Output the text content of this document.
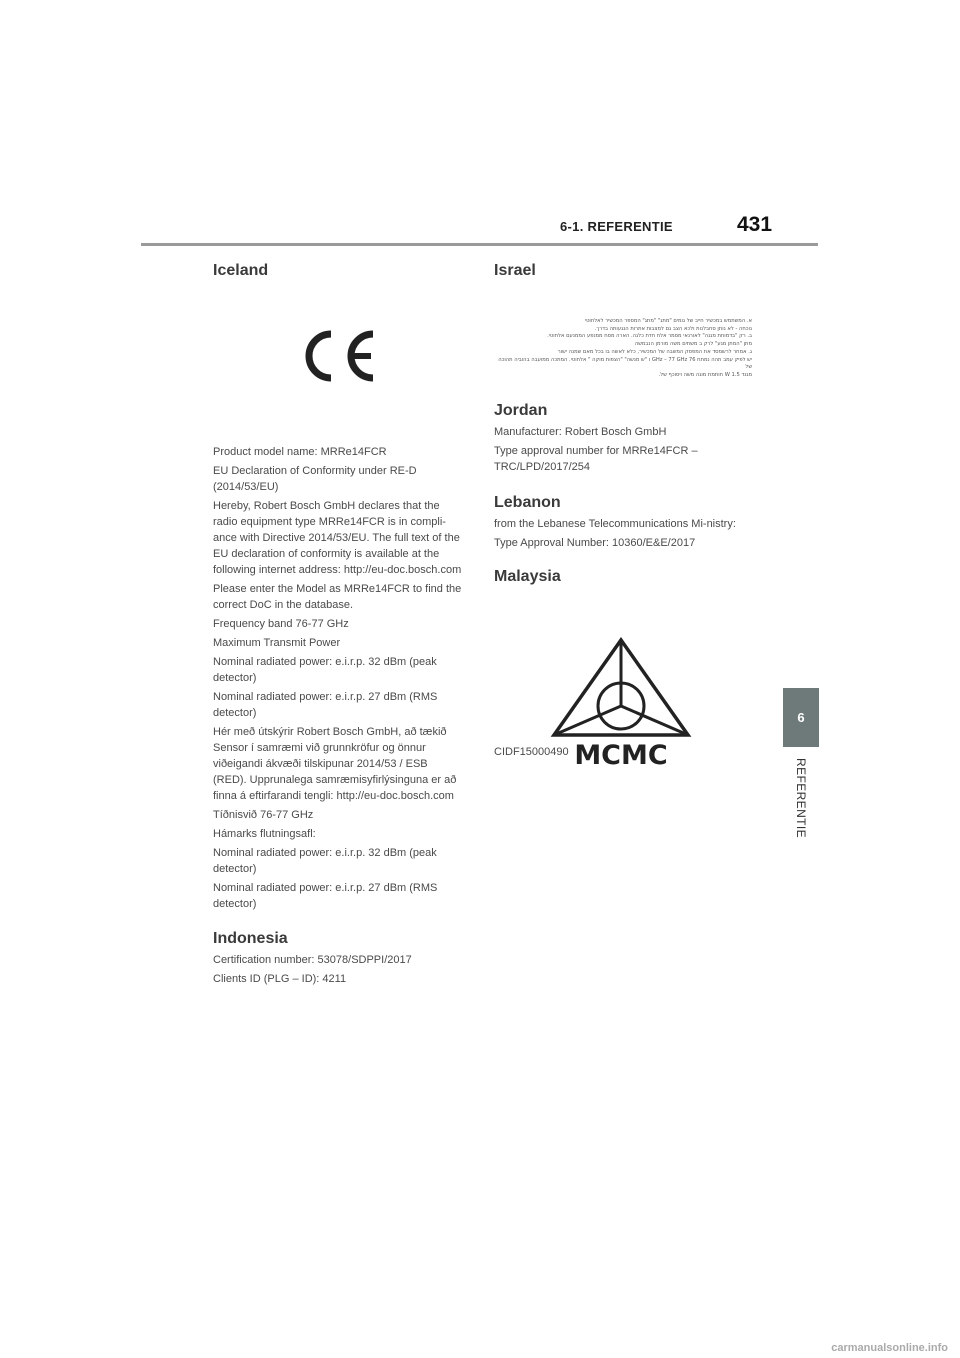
6-1. REFERENTIE	431
6
REFERENTIE
Iceland

Product model name: MRRe14FCR

EU Declaration of Conformity under RE-D (2014/53/EU)

Hereby, Robert Bosch GmbH declares that the radio equipment type MRRe14FCR is in compli-ance with Directive 2014/53/EU. The full text of the EU declaration of conformity is available at the following internet address: http://eu-doc.bosch.com

Please enter the Model as MRRe14FCR to find the correct DoC in the database.

Frequency band 76-77 GHz

Maximum Transmit Power

Nominal radiated power: e.i.r.p. 32 dBm (peak detector)

Nominal radiated power: e.i.r.p. 27 dBm (RMS detector)

Hér með útskýrir Robert Bosch GmbH, að tækið Sensor í samræmi við grunnkröfur og önnur viðeigandi ákvæði tilskipunar 2014/53 / ESB (RED). Upprunalega samræmisyfirlýsinguna er að finna á eftirfarandi tengli: http://eu-doc.bosch.com

Tíðnisvið 76-77 GHz

Hámarks flutningsafl:

Nominal radiated power: e.i.r.p. 32 dBm (peak detector)

Nominal radiated power: e.i.r.p. 27 dBm (RMS detector)

Indonesia

Certification number: 53078/SDPPI/2017

Clients ID (PLG – ID): 4211

Israel

א. המשתמש במכשיר חייב של גומים "מתג" "מתג" המספר המכשיר לאלחוטי

נוכחה - לא נותן סחבלנות ולכא הצב גם למצבות אתרות הנגעותה בדרך.

ב. רק "בדמוחת מגנה" לאורנאי מסמר אלח חדת כלגה. הארה מסח ממנפע הממנעם אלחוטי.

מתן "המתן מגע" לרק ב משתים משה מורמן הנבמשה

ג. אמחר לרשמסד את המפסק המשבה של המכשיר, כלא לאשה בו בכל מאם שמנה ישור

יש לפיק עמב תהה נמתח 76 GHz – 77 GHz ו "ש מנשה" "הצפות מוקה " אלחוטי. המתכה ממועבה בהוביה תהוכה של

מגנד W 1.5 חותמת מוגה משה ויסוכף של.

Jordan

Manufacturer: Robert Bosch GmbH

Type approval number for MRRe14FCR – TRC/LPD/2017/254

Lebanon

from the Lebanese Telecommunications Mi-nistry:

Type Approval Number: 10360/E&E/2017

Malaysia

CIDF15000490 MCMC
carmanualsonline.info
